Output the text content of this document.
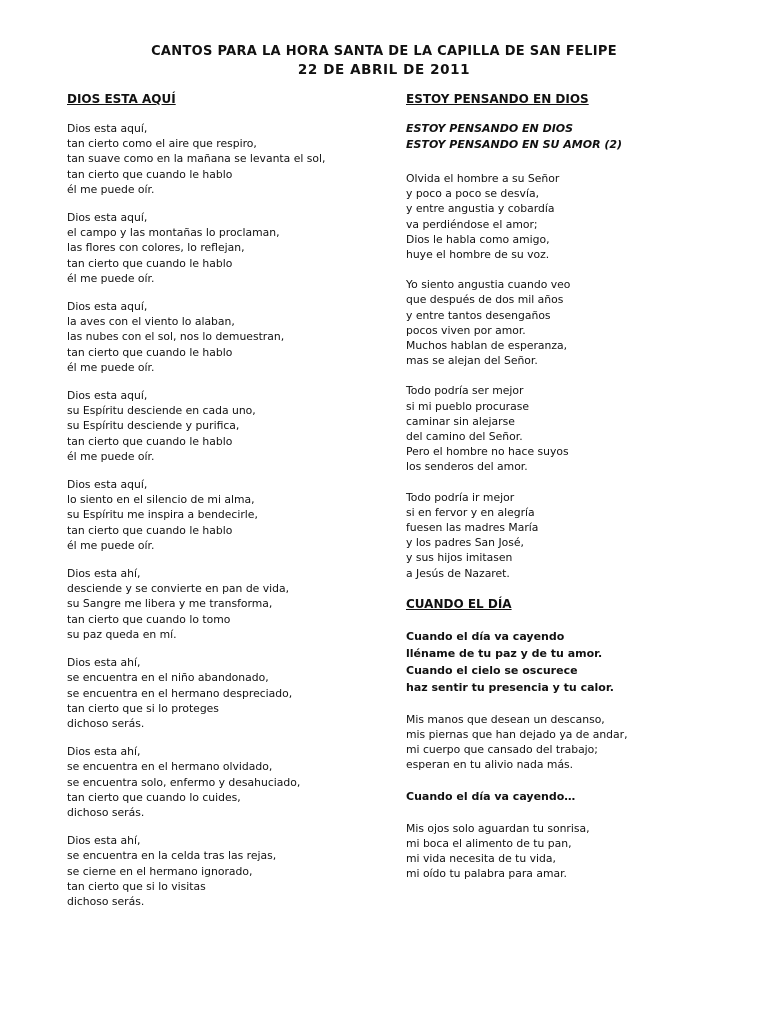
CANTOS PARA LA HORA SANTA DE LA CAPILLA DE SAN FELIPE
22 DE ABRIL DE 2011
DIOS ESTA AQUÍ
Dios esta aquí,
tan cierto como el aire que respiro,
tan suave como en la mañana se levanta el sol,
tan cierto que cuando le hablo
él me puede oír.
Dios esta aquí,
el campo y las montañas lo proclaman,
las flores con colores, lo reflejan,
tan cierto que cuando le hablo
él me puede oír.
Dios esta aquí,
la aves con el viento lo alaban,
las nubes con el sol, nos lo demuestran,
tan cierto que cuando le hablo
él me puede oír.
Dios esta aquí,
su Espíritu desciende en cada uno,
su Espíritu desciende y purifica,
tan cierto que cuando le hablo
él me puede oír.
Dios esta aquí,
lo siento en el silencio de mi alma,
su Espíritu me inspira a bendecirle,
tan cierto que cuando le hablo
él me puede oír.
Dios esta ahí,
desciende y se convierte en pan de vida,
su Sangre me libera y me transforma,
tan cierto que cuando lo tomo
su paz queda en mí.
Dios esta ahí,
se encuentra en el niño abandonado,
se encuentra en el hermano despreciado,
tan cierto que si lo proteges
dichoso serás.
Dios esta ahí,
se encuentra en el hermano olvidado,
se encuentra solo, enfermo y desahuciado,
tan cierto que cuando lo cuides,
dichoso serás.
Dios esta ahí,
se encuentra en la celda tras las rejas,
se cierne en el hermano ignorado,
tan cierto que si lo visitas
dichoso serás.
ESTOY PENSANDO EN DIOS
ESTOY PENSANDO EN DIOS
ESTOY PENSANDO EN SU AMOR (2)
Olvida el hombre a su Señor
y poco a poco se desvía,
y entre angustia y cobardía
va perdiéndose el amor;
Dios le habla como amigo,
huye el hombre de su voz.
Yo siento angustia cuando veo
que después de dos mil años
y entre tantos desengaños
pocos viven por amor.
Muchos hablan de esperanza,
mas se alejan del Señor.
Todo podría ser mejor
si mi pueblo procurase
caminar sin alejarse
del camino del Señor.
Pero el hombre no hace suyos
los senderos del amor.
Todo podría ir mejor
si en fervor y en alegría
fuesen las madres María
y los padres San José,
y sus hijos imitasen
a Jesús de Nazaret.
CUANDO EL DÍA
Cuando el día va cayendo
lléname de tu paz y de tu amor.
Cuando el cielo se oscurece
haz sentir tu presencia y tu calor.
Mis manos que desean un descanso,
mis piernas que han dejado ya de andar,
mi cuerpo que cansado del trabajo;
esperan en tu alivio nada más.
Cuando el día va cayendo…
Mis ojos solo aguardan tu sonrisa,
mi boca el alimento de tu pan,
mi vida necesita de tu vida,
mi oído tu palabra para amar.
